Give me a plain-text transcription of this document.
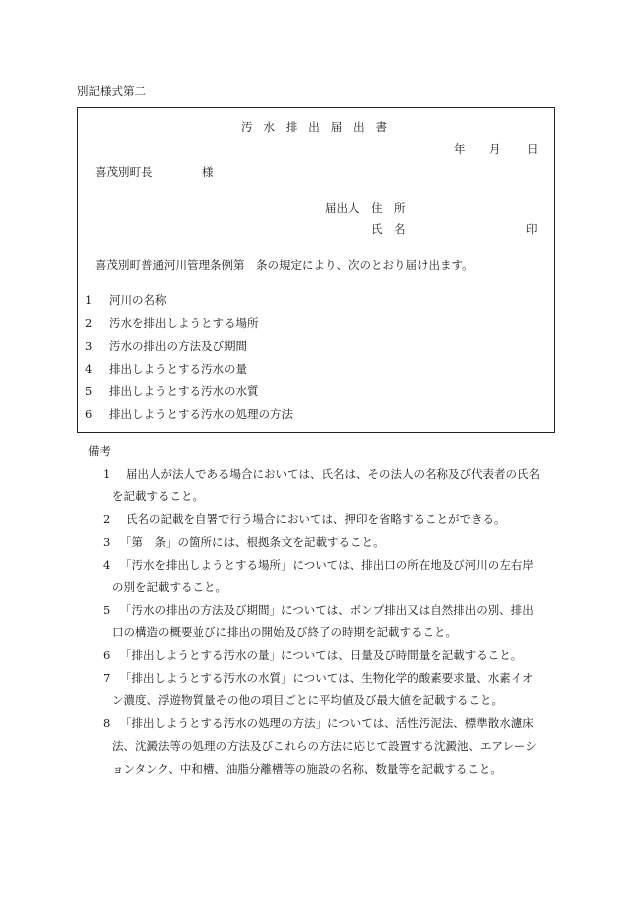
別記様式第二
汚水排出届出書
年 月 日
喜茂別町長	様
届出人 住　所
氏　名	印
喜茂別町普通河川管理条例第　条の規定により、次のとおり届け出ます。
1 河川の名称
2 汚水を排出しようとする場所
3 汚水の排出の方法及び期間
4 排出しようとする汚水の量
5 排出しようとする汚水の水質
6 排出しようとする汚水の処理の方法
備考
1 届出人が法人である場合においては、氏名は、その法人の名称及び代表者の氏名
を記載すること。
2 氏名の記載を自署で行う場合においては、押印を省略することができる。
3 「第　条」の箇所には、根拠条文を記載すること。
4 「汚水を排出しようとする場所」については、排出口の所在地及び河川の左右岸
の別を記載すること。
5 「汚水の排出の方法及び期間」については、ポンプ排出又は自然排出の別、排出
口の構造の概要並びに排出の開始及び終了の時期を記載すること。
6 「排出しようとする汚水の量」については、日量及び時間量を記載すること。
7 「排出しようとする汚水の水質」については、生物化学的酸素要求量、水素イオ
ン濃度、浮遊物質量その他の項目ごとに平均値及び最大値を記載すること。
8 「排出しようとする汚水の処理の方法」については、活性汚泥法、標準散水濾床
法、沈澱法等の処理の方法及びこれらの方法に応じて設置する沈澱池、エアレーシ
ョンタンク、中和槽、油脂分離槽等の施設の名称、数量等を記載すること。
